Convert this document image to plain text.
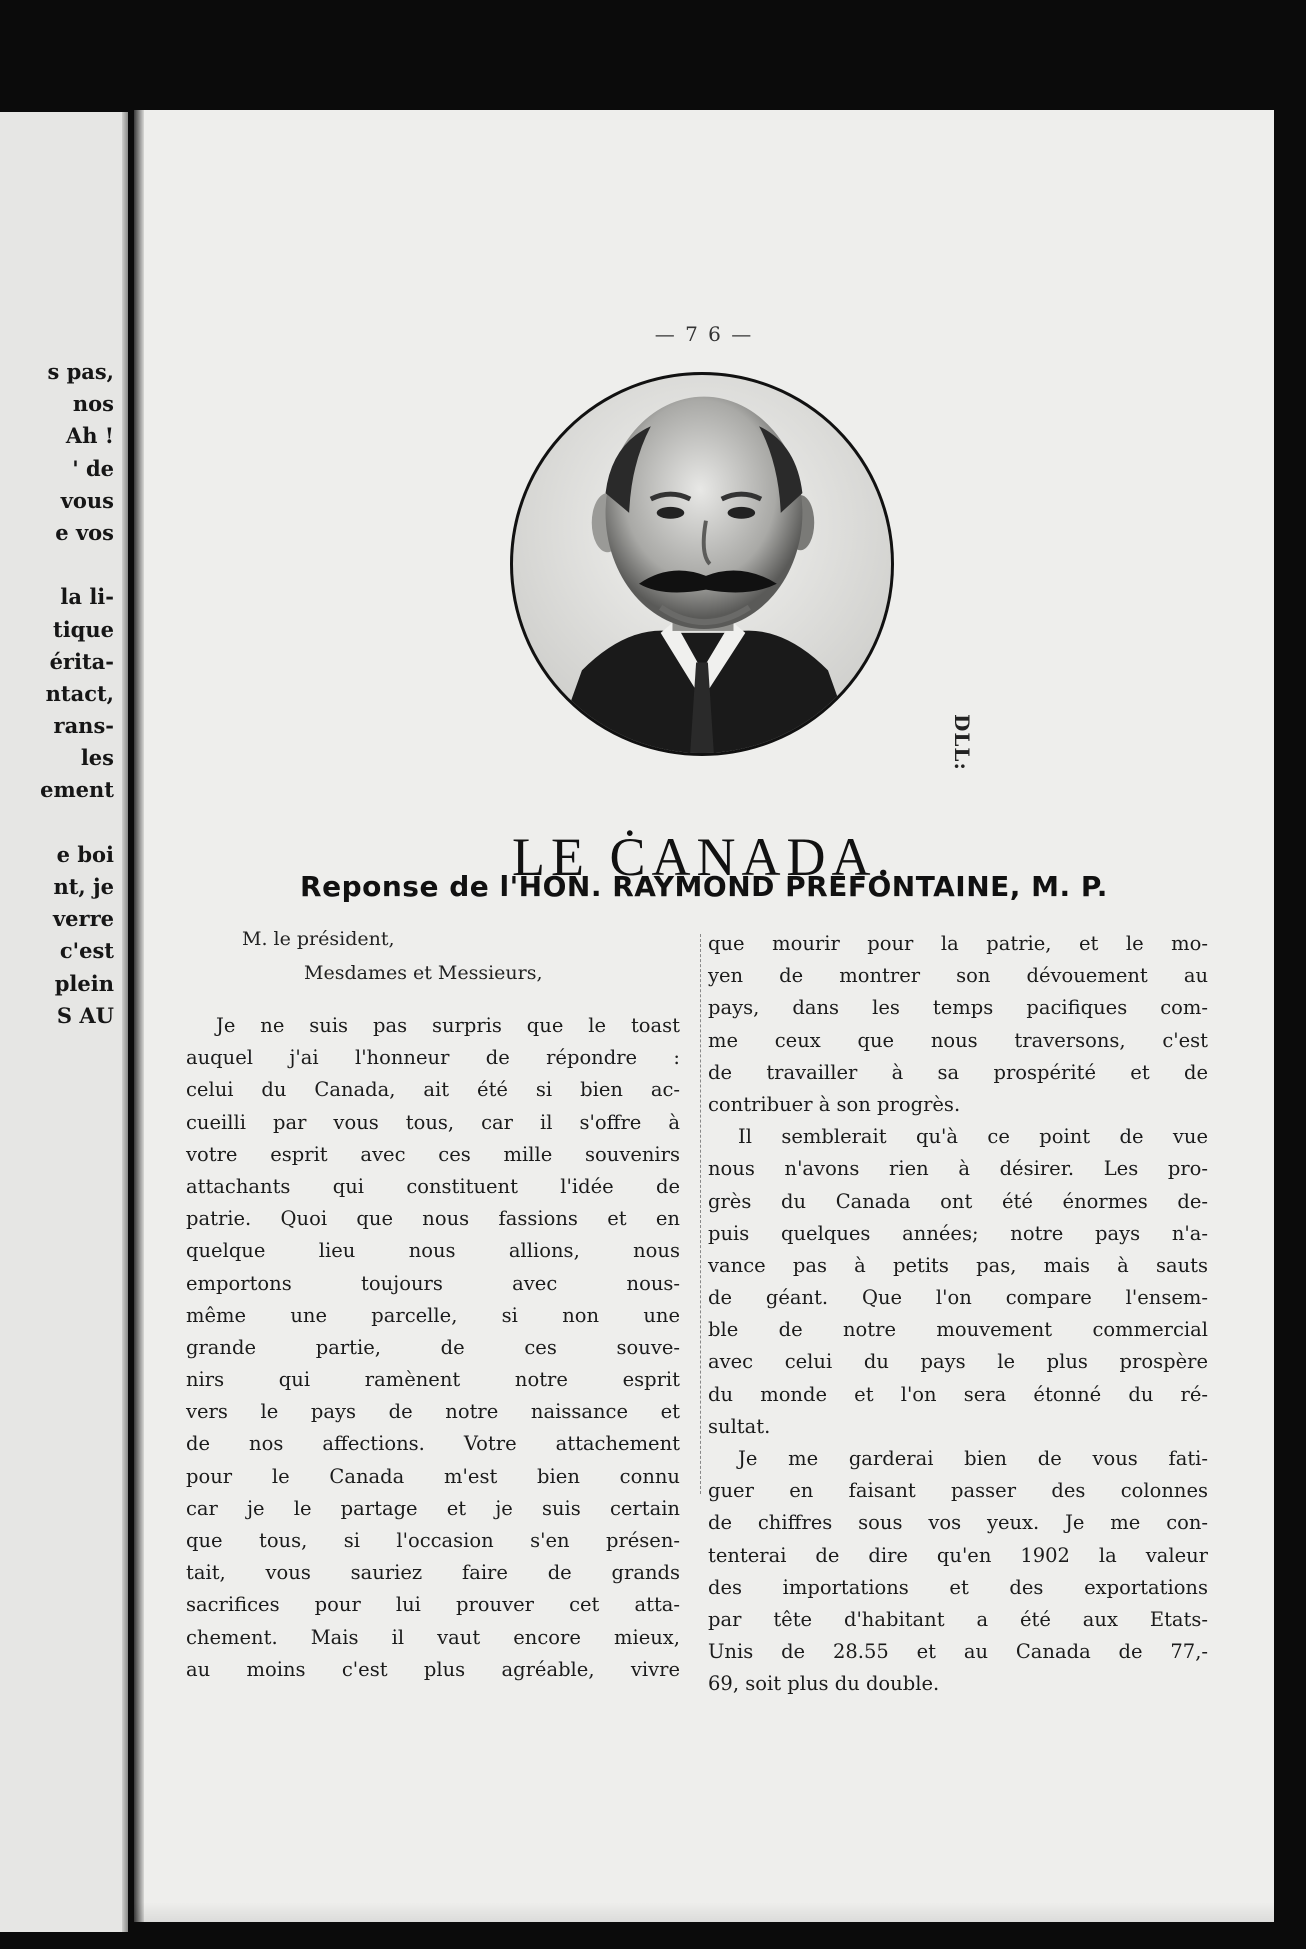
s pas,
nos
Ah !
' de
vous
e vos
la li-
tique
érita-
ntact,
rans-
les
ement
e boi
nt, je
verre
c'est
plein
S AU
— 7 6 —
DLL:
LE ĊANADA.
Reponse de l'HON. RAYMOND PREFONTAINE, M. P.
M. le président,
Mesdames et Messieurs,
Je ne suis pas surpris que le toast
auquel j'ai l'honneur de répondre :
celui du Canada, ait été si bien ac-
cueilli par vous tous, car il s'offre à
votre esprit avec ces mille souvenirs
attachants qui constituent l'idée de
patrie. Quoi que nous fassions et en
quelque lieu nous allions, nous
emportons toujours avec nous-
même une parcelle, si non une
grande partie, de ces souve-
nirs qui ramènent notre esprit
vers le pays de notre naissance et
de nos affections. Votre attachement
pour le Canada m'est bien connu
car je le partage et je suis certain
que tous, si l'occasion s'en présen-
tait, vous sauriez faire de grands
sacrifices pour lui prouver cet atta-
chement. Mais il vaut encore mieux,
au moins c'est plus agréable, vivre
que mourir pour la patrie, et le mo-
yen de montrer son dévouement au
pays, dans les temps pacifiques com-
me ceux que nous traversons, c'est
de travailler à sa prospérité et de
contribuer à son progrès.
Il semblerait qu'à ce point de vue
nous n'avons rien à désirer. Les pro-
grès du Canada ont été énormes de-
puis quelques années; notre pays n'a-
vance pas à petits pas, mais à sauts
de géant. Que l'on compare l'ensem-
ble de notre mouvement commercial
avec celui du pays le plus prospère
du monde et l'on sera étonné du ré-
sultat.
Je me garderai bien de vous fati-
guer en faisant passer des colonnes
de chiffres sous vos yeux. Je me con-
tenterai de dire qu'en 1902 la valeur
des importations et des exportations
par tête d'habitant a été aux Etats-
Unis de 28.55 et au Canada de 77,-
69, soit plus du double.
